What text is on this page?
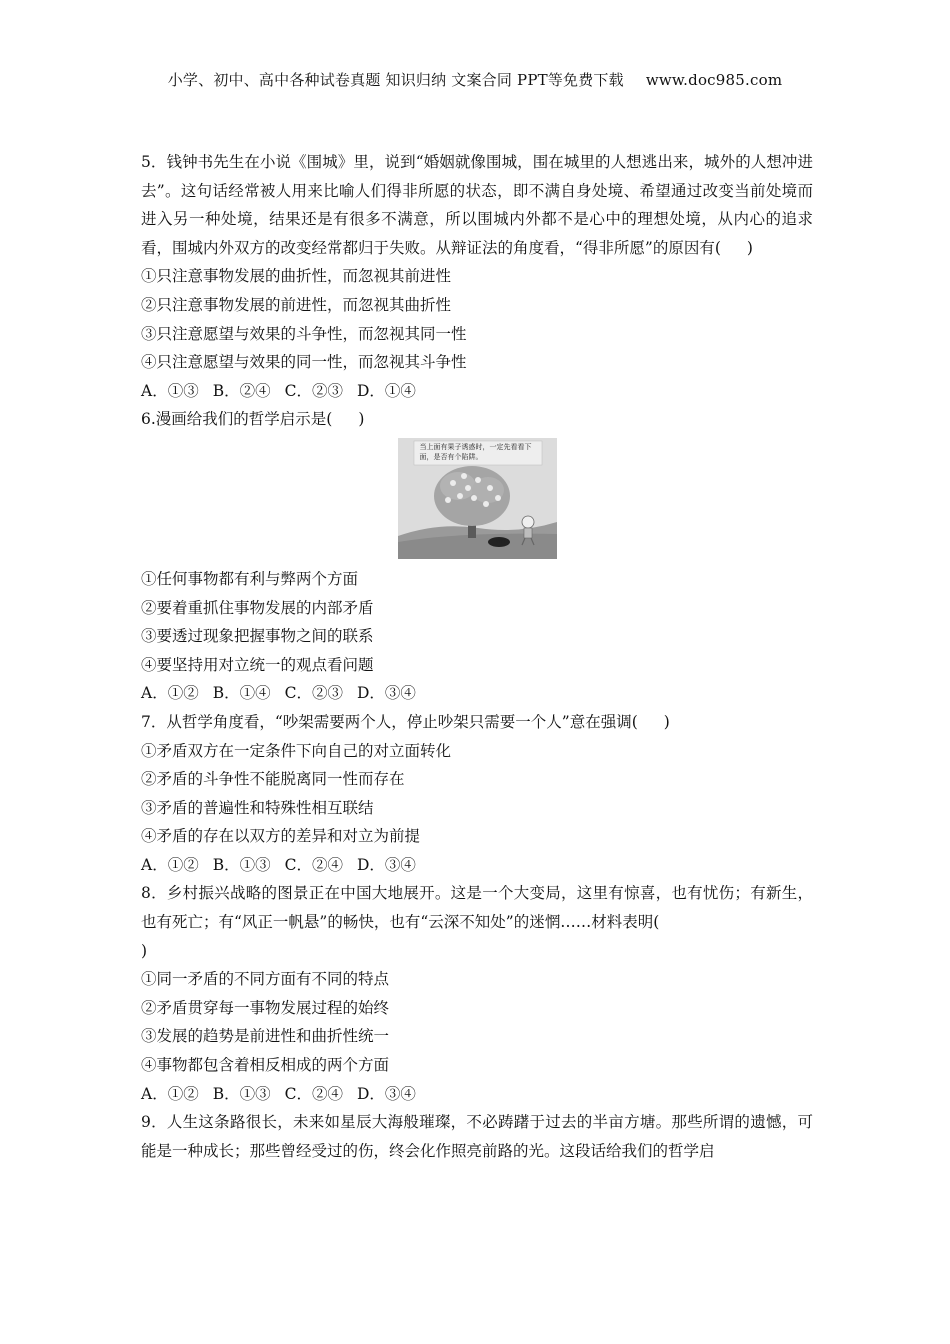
小学、初中、高中各种试卷真题 知识归纳 文案合同 PPT等免费下载 www.doc985.com

5．钱钟书先生在小说《围城》里，说到“婚姻就像围城，围在城里的人想逃出来，城外的人想冲进去”。这句话经常被人用来比喻人们得非所愿的状态，即不满自身处境、希望通过改变当前处境而进入另一种处境，结果还是有很多不满意，所以围城内外都不是心中的理想处境，从内心的追求看，围城内外双方的改变经常都归于失败。从辩证法的角度看，“得非所愿”的原因有( )

①只注意事物发展的曲折性，而忽视其前进性

②只注意事物发展的前进性，而忽视其曲折性

③只注意愿望与效果的斗争性，而忽视其同一性

④只注意愿望与效果的同一性，而忽视其斗争性

A．①③ B．②④ C．②③ D．①④

6.漫画给我们的哲学启示是( )

当上面有果子诱惑时，一定先看看下面，是否有个陷阱。
陷阱

①任何事物都有利与弊两个方面

②要着重抓住事物发展的内部矛盾

③要透过现象把握事物之间的联系

④要坚持用对立统一的观点看问题

A．①② B．①④ C．②③ D．③④

7．从哲学角度看，“吵架需要两个人，停止吵架只需要一个人”意在强调( )

①矛盾双方在一定条件下向自己的对立面转化

②矛盾的斗争性不能脱离同一性而存在

③矛盾的普遍性和特殊性相互联结

④矛盾的存在以双方的差异和对立为前提

A．①② B．①③ C．②④ D．③④

8．乡村振兴战略的图景正在中国大地展开。这是一个大变局，这里有惊喜，也有忧伤；有新生，也有死亡；有“风正一帆悬”的畅快，也有“云深不知处”的迷惘……材料表明(

)

①同一矛盾的不同方面有不同的特点

②矛盾贯穿每一事物发展过程的始终

③发展的趋势是前进性和曲折性统一

④事物都包含着相反相成的两个方面

A．①② B．①③ C．②④ D．③④

9．人生这条路很长，未来如星辰大海般璀璨，不必踌躇于过去的半亩方塘。那些所谓的遗憾，可能是一种成长；那些曾经受过的伤，终会化作照亮前路的光。这段话给我们的哲学启
